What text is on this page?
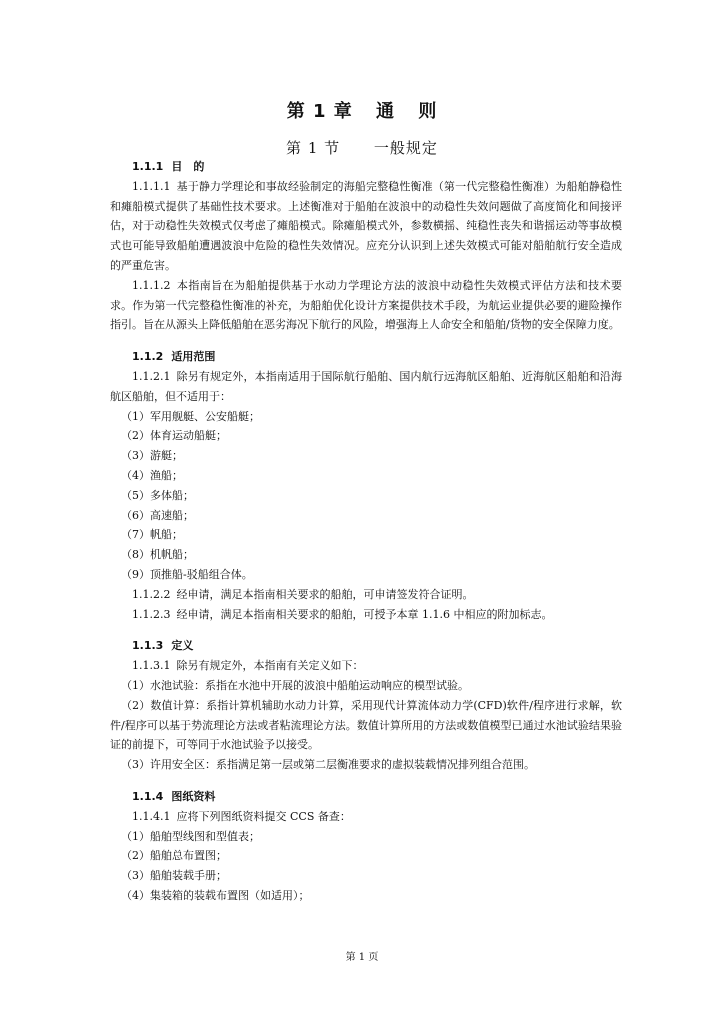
第 1 章 通 则
第 1 节 一般规定

1.1.1 目　的

1.1.1.1 基于静力学理论和事故经验制定的海船完整稳性衡准（第一代完整稳性衡准）为船舶静稳性和瘫船模式提供了基础性技术要求。上述衡准对于船舶在波浪中的动稳性失效问题做了高度简化和间接评估，对于动稳性失效模式仅考虑了瘫船模式。除瘫船模式外，参数横摇、纯稳性丧失和谐摇运动等事故模式也可能导致船舶遭遇波浪中危险的稳性失效情况。应充分认识到上述失效模式可能对船舶航行安全造成的严重危害。

1.1.1.2 本指南旨在为船舶提供基于水动力学理论方法的波浪中动稳性失效模式评估方法和技术要求。作为第一代完整稳性衡准的补充，为船舶优化设计方案提供技术手段，为航运业提供必要的避险操作指引。旨在从源头上降低船舶在恶劣海况下航行的风险，增强海上人命安全和船舶/货物的安全保障力度。

1.1.2 适用范围

1.1.2.1 除另有规定外，本指南适用于国际航行船舶、国内航行远海航区船舶、近海航区船舶和沿海航区船舶，但不适用于：

（1）军用舰艇、公安船艇；

（2）体育运动船艇；

（3）游艇；

（4）渔船；

（5）多体船；

（6）高速船；

（7）帆船；

（8）机帆船；

（9）顶推船-驳船组合体。

1.1.2.2 经申请，满足本指南相关要求的船舶，可申请签发符合证明。

1.1.2.3 经申请，满足本指南相关要求的船舶，可授予本章 1.1.6 中相应的附加标志。

1.1.3 定义

1.1.3.1 除另有规定外，本指南有关定义如下：

（1）水池试验：系指在水池中开展的波浪中船舶运动响应的模型试验。

（2）数值计算：系指计算机辅助水动力计算，采用现代计算流体动力学(CFD)软件/程序进行求解，软件/程序可以基于势流理论方法或者粘流理论方法。数值计算所用的方法或数值模型已通过水池试验结果验证的前提下，可等同于水池试验予以接受。

（3）许用安全区：系指满足第一层或第二层衡准要求的虚拟装载情况排列组合范围。

1.1.4 图纸资料

1.1.4.1 应将下列图纸资料提交 CCS 备查：

（1）船舶型线图和型值表；

（2）船舶总布置图；

（3）船舶装载手册；

（4）集装箱的装载布置图（如适用）；

第 1 页
